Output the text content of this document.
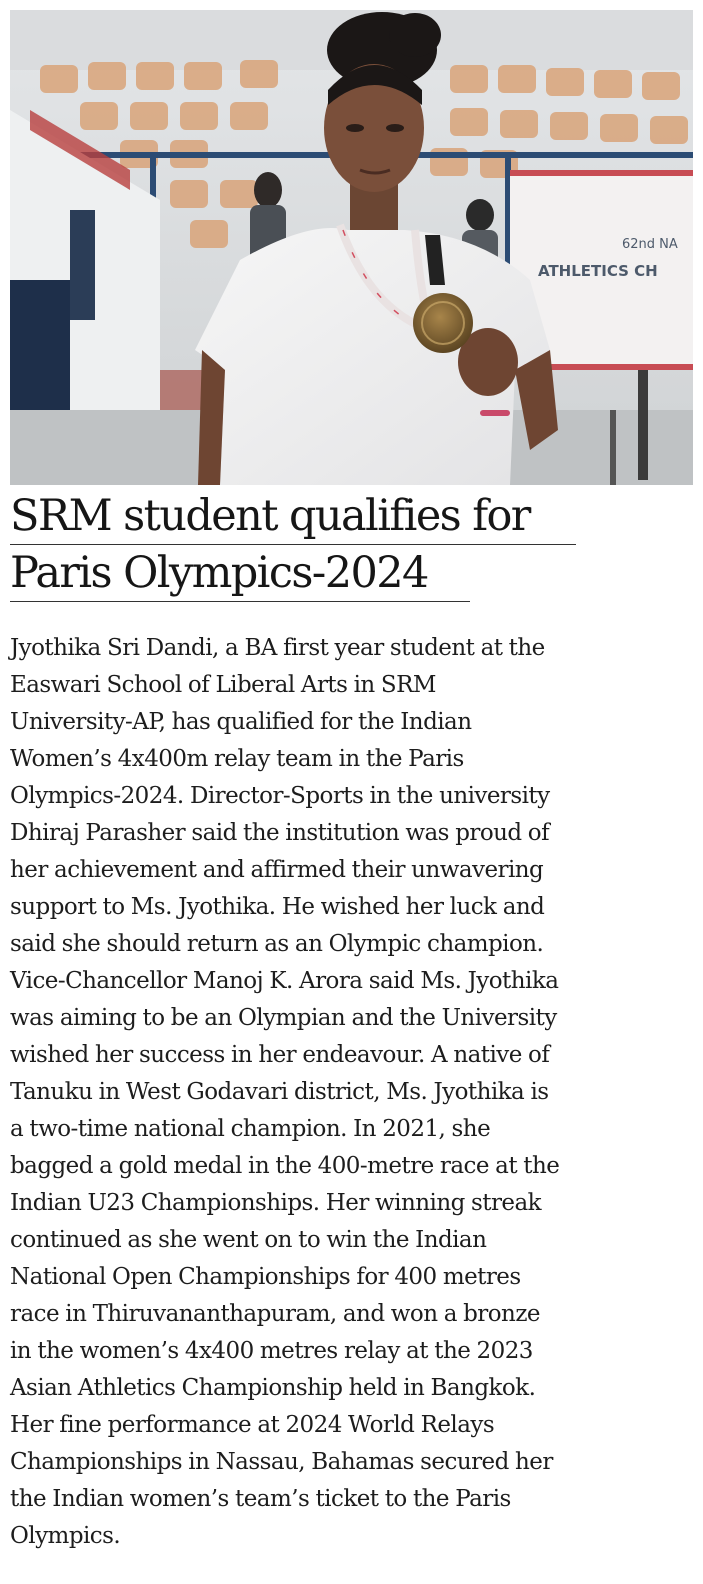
62nd NA
ATHLETICS CH
SRM student qualifies for
Paris Olympics-2024
Jyothika Sri Dandi, a BA first year student at the
Easwari School of Liberal Arts in SRM
University-AP, has qualified for the Indian
Women’s 4x400m relay team in the Paris
Olympics-2024. Director-Sports in the university
Dhiraj Parasher said the institution was proud of
her achievement and affirmed their unwavering
support to Ms. Jyothika. He wished her luck and
said she should return as an Olympic champion.
Vice-Chancellor Manoj K. Arora said Ms. Jyothika
was aiming to be an Olympian and the University
wished her success in her endeavour. A native of
Tanuku in West Godavari district, Ms. Jyothika is
a two-time national champion. In 2021, she
bagged a gold medal in the 400-metre race at the
Indian U23 Championships. Her winning streak
continued as she went on to win the Indian
National Open Championships for 400 metres
race in Thiruvananthapuram, and won a bronze
in the women’s 4x400 metres relay at the 2023
Asian Athletics Championship held in Bangkok.
Her fine performance at 2024 World Relays
Championships in Nassau, Bahamas secured her
the Indian women’s team’s ticket to the Paris
Olympics.
